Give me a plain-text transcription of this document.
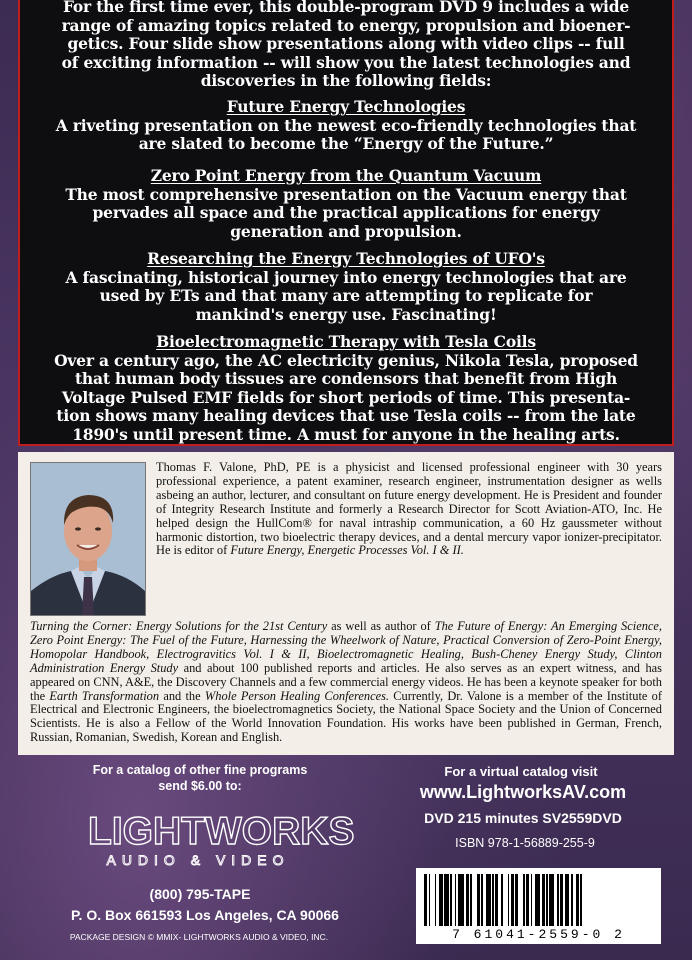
For the first time ever, this double-program DVD 9 includes a wide
range of amazing topics related to energy, propulsion and bioener-
getics. Four slide show presentations along with video clips -- full
of exciting information -- will show you the latest technologies and
discoveries in the following fields:
Future Energy Technologies
A riveting presentation on the newest eco-friendly technologies that
are slated to become the “Energy of the Future.”
Zero Point Energy from the Quantum Vacuum
The most comprehensive presentation on the Vacuum energy that
pervades all space and the practical applications for energy
generation and propulsion.
Researching the Energy Technologies of UFO's
A fascinating, historical journey into energy technologies that are
used by ETs and that many are attempting to replicate for
mankind's energy use. Fascinating!
Bioelectromagnetic Therapy with Tesla Coils
Over a century ago, the AC electricity genius, Nikola Tesla, proposed
that human body tissues are condensors that benefit from High
Voltage Pulsed EMF fields for short periods of time. This presenta-
tion shows many healing devices that use Tesla coils -- from the late
1890's until present time. A must for anyone in the healing arts.

Thomas F. Valone, PhD, PE is a physicist and licensed professional engineer with 30 years professional experience, a patent examiner, research engineer, instrumentation designer as wells asbeing an author, lecturer, and consultant on future energy development. He is President and founder of Integrity Research Institute and formerly a Research Director for Scott Aviation-ATO, Inc. He helped design the HullCom® for naval intraship communication, a 60 Hz gaussmeter without harmonic distortion, two bioelectric therapy devices, and a dental mercury vapor ionizer-precipitator. He is editor of Future Energy, Energetic Processes Vol. I & II.

Turning the Corner: Energy Solutions for the 21st Century as well as author of The Future of Energy: An Emerging Science, Zero Point Energy: The Fuel of the Future, Harnessing the Wheelwork of Nature, Practical Conversion of Zero-Point Energy, Homopolar Handbook, Electrogravitics Vol. I & II, Bioelectromagnetic Healing, Bush-Cheney Energy Study, Clinton Administration Energy Study and about 100 published reports and articles. He also serves as an expert witness, and has appeared on CNN, A&E, the Discovery Channels and a few commercial energy videos. He has been a keynote speaker for both the Earth Transformation and the Whole Person Healing Conferences. Currently, Dr. Valone is a member of the Institute of Electrical and Electronic Engineers, the bioelectromagnetics Society, the National Space Society and the Union of Concerned Scientists. He is also a Fellow of the World Innovation Foundation. His works have been published in German, French, Russian, Romanian, Swedish, Korean and English.

For a catalog of other fine programs
send $6.00 to:
LIGHTWORKS
AUDIO & VIDEO
(800) 795-TAPE
P. O. Box 661593 Los Angeles, CA 90066
PACKAGE DESIGN © MMIX- LIGHTWORKS AUDIO & VIDEO, INC.
For a virtual catalog visit
www.LightworksAV.com
DVD 215 minutes SV2559DVD
ISBN 978-1-56889-255-9
7 61041-2559-0 2
